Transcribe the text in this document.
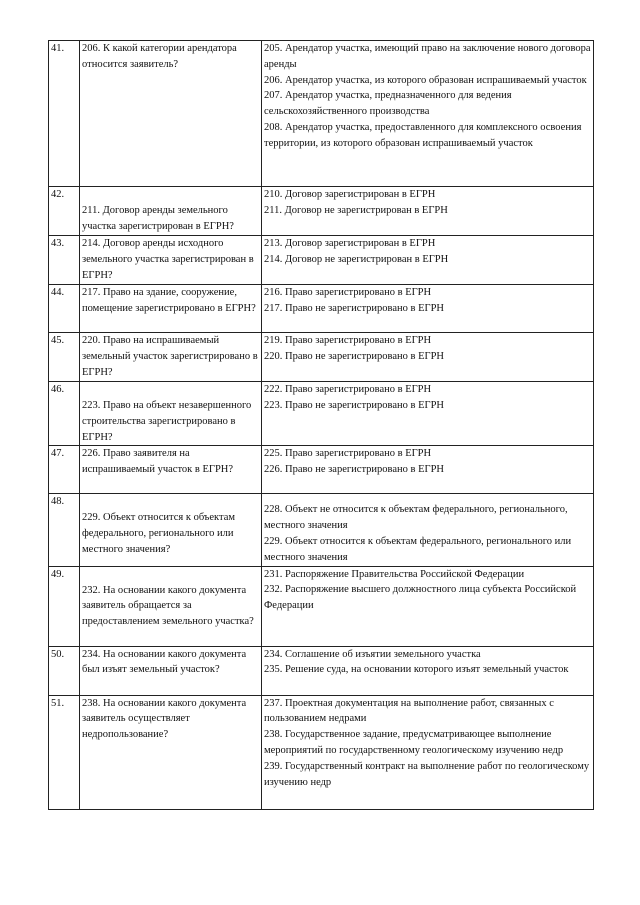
41.	206. К какой категории арендатора относится заявитель?	205. Арендатор участка, имеющий право на заключение нового договора аренды
206. Арендатор участка, из которого образован испрашиваемый участок
207. Арендатор участка, предназначенного для ведения сельскохозяйственного производства
208. Арендатор участка, предоставленного для комплексного освоения территории, из которого образован испрашиваемый участок

42.	211. Договор аренды земельного участка зарегистрирован в ЕГРН?	210. Договор зарегистрирован в ЕГРН
211. Договор не зарегистрирован в ЕГРН

43.	214. Договор аренды исходного земельного участка зарегистрирован в ЕГРН?	213. Договор зарегистрирован в ЕГРН
214. Договор не зарегистрирован в ЕГРН

44.	217. Право на здание, сооружение, помещение зарегистрировано в ЕГРН?	216. Право зарегистрировано в ЕГРН
217. Право не зарегистрировано в ЕГРН

45.	220. Право на испрашиваемый земельный участок зарегистрировано в ЕГРН?	219. Право зарегистрировано в ЕГРН
220. Право не зарегистрировано в ЕГРН

46.	223. Право на объект незавершенного строительства зарегистрировано в ЕГРН?	222. Право зарегистрировано в ЕГРН
223. Право не зарегистрировано в ЕГРН

47.	226. Право заявителя на испрашиваемый участок в ЕГРН?	225. Право зарегистрировано в ЕГРН
226. Право не зарегистрировано в ЕГРН

48.	229. Объект относится к объектам федерального, регионального или местного значения?	228. Объект не относится к объектам федерального, регионального, местного значения
229. Объект относится к объектам федерального, регионального или местного значения

49.	232. На основании какого документа заявитель обращается за предоставлением земельного участка?	231. Распоряжение Правительства Российской Федерации
232. Распоряжение высшего должностного лица субъекта Российской Федерации

50.	234. На основании какого документа был изъят земельный участок?	234. Соглашение об изъятии земельного участка
235. Решение суда, на основании которого изъят земельный участок

51.	238. На основании какого документа заявитель осуществляет недропользование?	237. Проектная документация на выполнение работ, связанных с пользованием недрами
238. Государственное задание, предусматривающее выполнение мероприятий по государственному геологическому изучению недр
239. Государственный контракт на выполнение работ по геологическому изучению недр
